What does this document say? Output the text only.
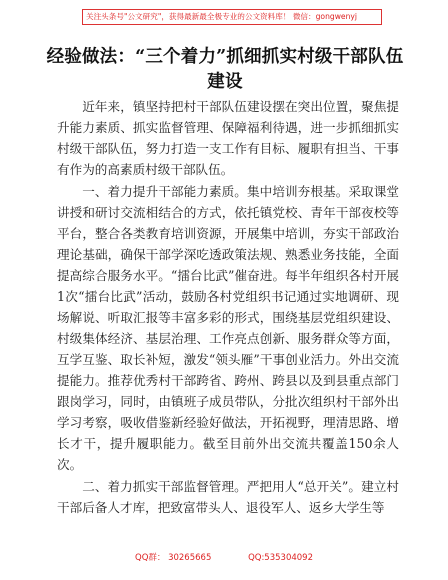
关注头条号"公文研究"，获得最新最全极专业的公文资料库！ 微信：gongwenyj
经验做法：“三个着力”抓细抓实村级干部队伍建设

近年来，镇坚持把村干部队伍建设摆在突出位置，聚焦提升能力素质、抓实监督管理、保障福利待遇，进一步抓细抓实村级干部队伍，努力打造一支工作有目标、履职有担当、干事有作为的高素质村级干部队伍。

一、着力提升干部能力素质。集中培训夯根基。采取课堂讲授和研讨交流相结合的方式，依托镇党校、青年干部夜校等平台，整合各类教育培训资源，开展集中培训，夯实干部政治理论基础，确保干部学深吃透政策法规、熟悉业务技能，全面提高综合服务水平。“擂台比武”催奋进。每半年组织各村开展1次“擂台比武”活动，鼓励各村党组织书记通过实地调研、现场解说、听取汇报等丰富多彩的形式，围绕基层党组织建设、村级集体经济、基层治理、工作亮点创新、服务群众等方面，互学互鉴、取长补短，激发“领头雁”干事创业活力。外出交流提能力。推荐优秀村干部跨省、跨州、跨县以及到县重点部门跟岗学习，同时，由镇班子成员带队，分批次组织村干部外出学习考察，吸收借鉴新经验好做法，开拓视野，理清思路、增长才干，提升履职能力。截至目前外出交流共覆盖150余人次。

二、着力抓实干部监督管理。严把用人“总开关”。建立村干部后备人才库，把致富带头人、退役军人、返乡大学生等

QQ群： 30265665	QQ:535304092
